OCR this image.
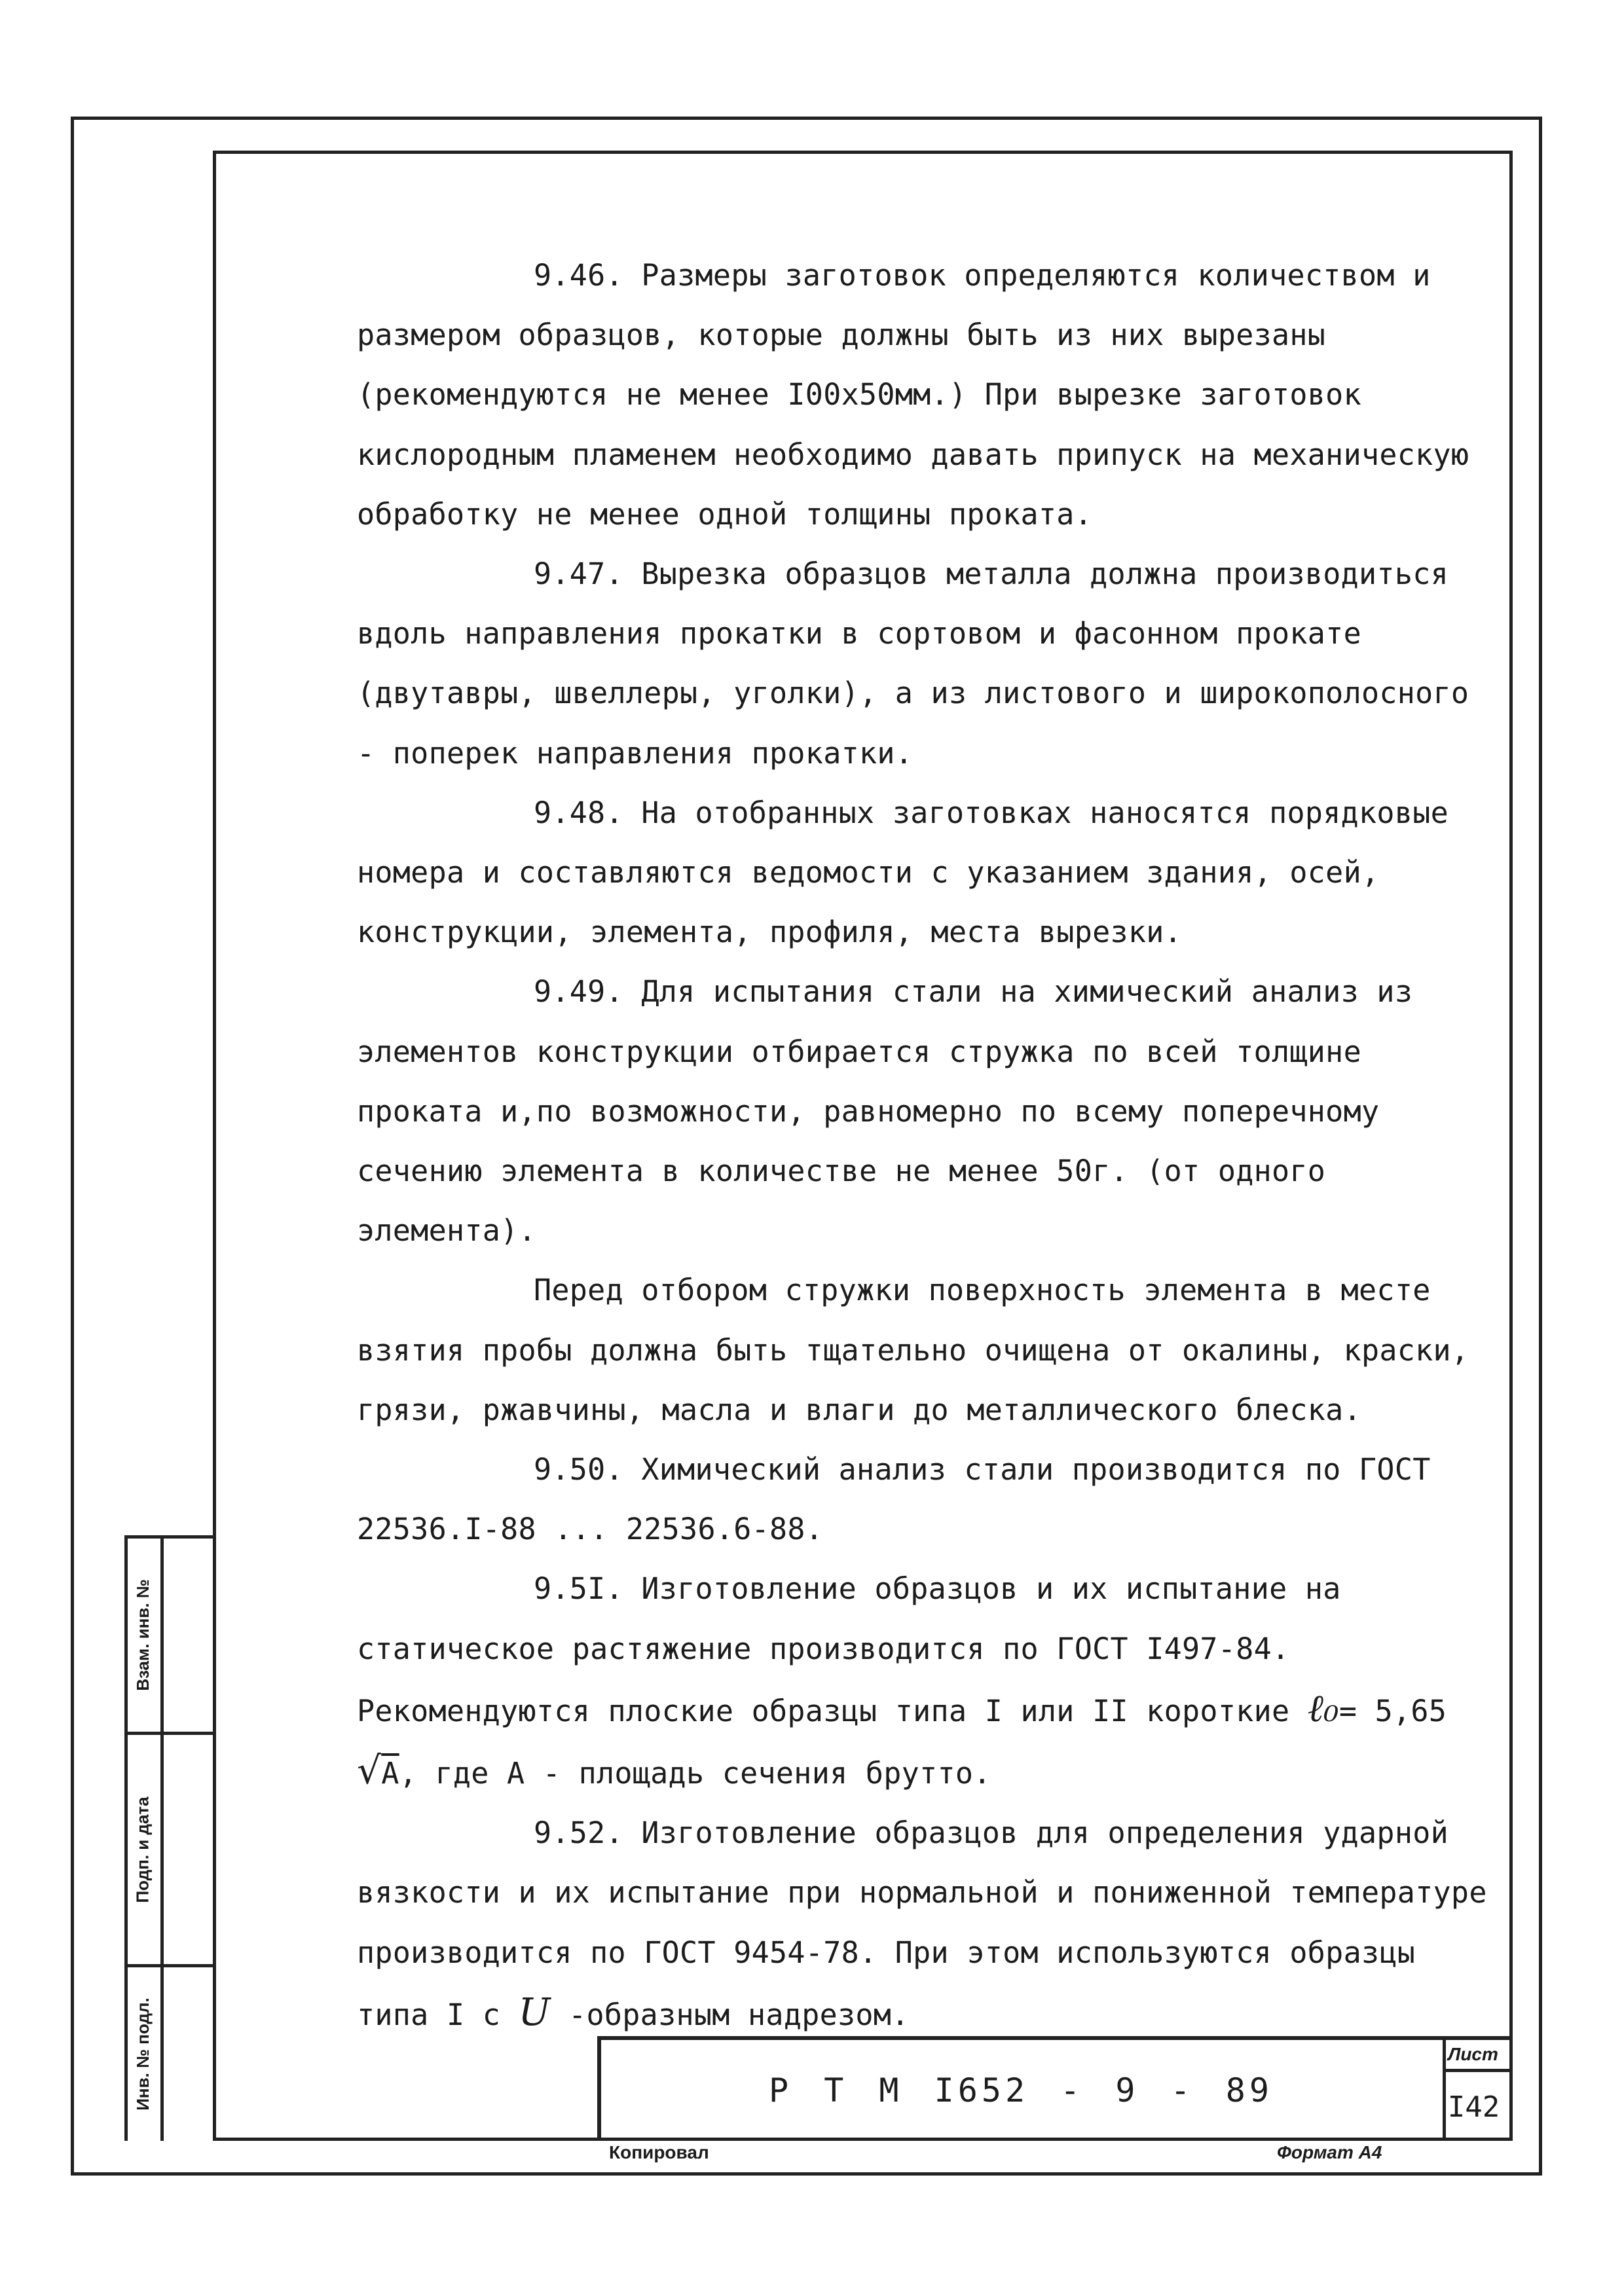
Взам. инв. №
Подп. и дата
Инв. № подл.	Р Т М I652 - 9 - 89
Лист
I42
Копировал	Формат А4

9.46. Размеры заготовок определяются количеством и размером образцов, которые должны быть из них вырезаны (рекомендуются не менее I00x50мм.) При вырезке заготовок кислородным пламенем необходимо давать припуск на механическую обработку не менее одной толщины проката.

9.47. Вырезка образцов металла должна производиться вдоль направления прокатки в сортовом и фасонном прокате (двутавры, швеллеры, уголки), а из листового и широкополосного - поперек направления прокатки.

9.48. На отобранных заготовках наносятся порядковые номера и составляются ведомости с указанием здания, осей, конструкции, элемента, профиля, места вырезки.

9.49. Для испытания стали на химический анализ из элементов конструкции отбирается стружка по всей толщине проката и,по возможности, равномерно по всему поперечному сечению элемента в количестве не менее 50г. (от одного элемента).

Перед отбором стружки поверхность элемента в месте взятия пробы должна быть тщательно очищена от окалины, краски, грязи, ржавчины, масла и влаги до металлического блеска.

9.50. Химический анализ стали производится по ГОСТ 22536.I-88 ... 22536.6-88.

9.5I. Изготовление образцов и их испытание на статическое растяжение производится по ГОСТ I497-84. Рекомендуются плоские образцы типа I или II короткие ℓ₀= 5,65 √A, где А - площадь сечения брутто.

9.52. Изготовление образцов для определения ударной вязкости и их испытание при нормальной и пониженной температуре производится по ГОСТ 9454-78. При этом используются образцы типа I с U -образным надрезом.
